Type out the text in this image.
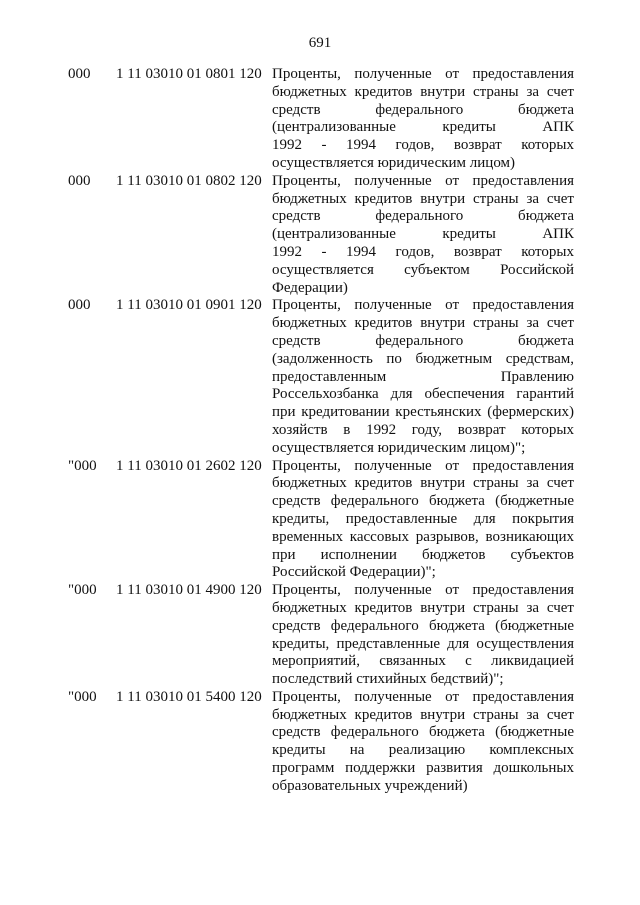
691
000 1 11 03010 01 0801 120 Проценты, полученные от предоставления
бюджетных кредитов внутри страны за счет
средств федерального бюджета
(централизованные кредиты АПК
1992 - 1994 годов, возврат которых
осуществляется юридическим лицом)
000 1 11 03010 01 0802 120 Проценты, полученные от предоставления
бюджетных кредитов внутри страны за счет
средств федерального бюджета
(централизованные кредиты АПК
1992 - 1994 годов, возврат которых
осуществляется субъектом Российской
Федерации)
000 1 11 03010 01 0901 120 Проценты, полученные от предоставления
бюджетных кредитов внутри страны за счет
средств федерального бюджета
(задолженность по бюджетным средствам,
предоставленным Правлению
Россельхозбанка для обеспечения гарантий
при кредитовании крестьянских (фермерских)
хозяйств в 1992 году, возврат которых
осуществляется юридическим лицом)";
"000 1 11 03010 01 2602 120 Проценты, полученные от предоставления
бюджетных кредитов внутри страны за счет
средств федерального бюджета (бюджетные
кредиты, предоставленные для покрытия
временных кассовых разрывов, возникающих
при исполнении бюджетов субъектов
Российской Федерации)";
"000 1 11 03010 01 4900 120 Проценты, полученные от предоставления
бюджетных кредитов внутри страны за счет
средств федерального бюджета (бюджетные
кредиты, представленные для осуществления
мероприятий, связанных с ликвидацией
последствий стихийных бедствий)";
"000 1 11 03010 01 5400 120 Проценты, полученные от предоставления
бюджетных кредитов внутри страны за счет
средств федерального бюджета (бюджетные
кредиты на реализацию комплексных
программ поддержки развития дошкольных
образовательных учреждений)
